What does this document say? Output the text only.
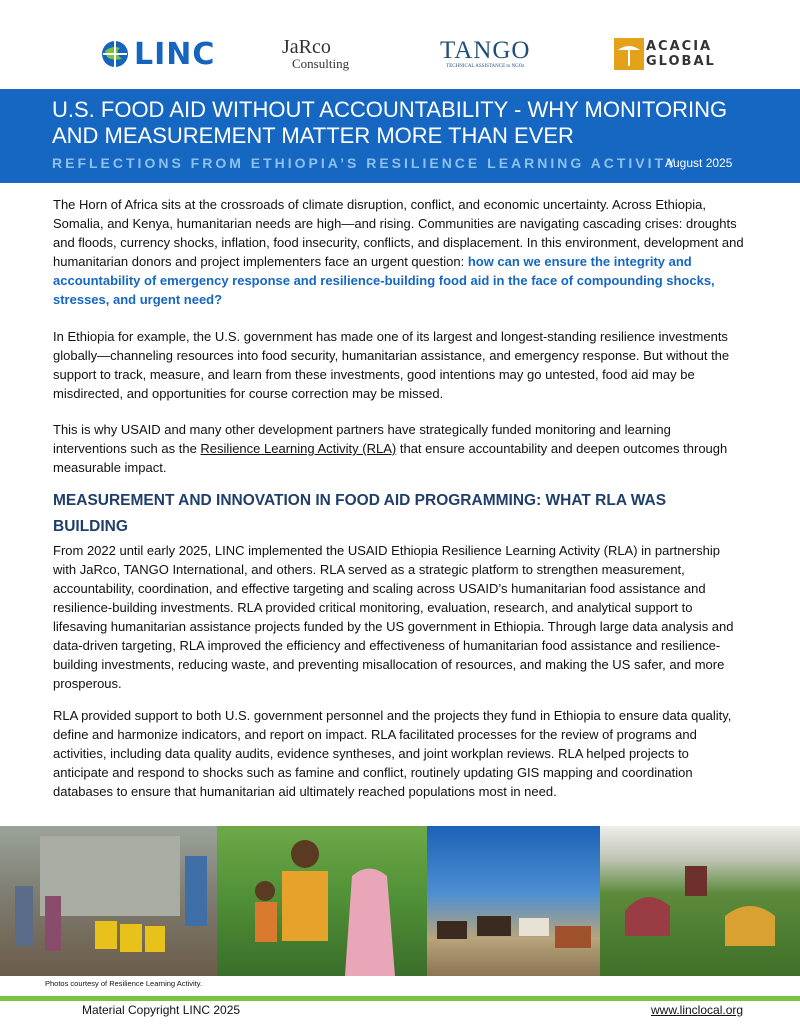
LINC	JaRco
Consulting	TANGO
TECHNICAL ASSISTANCE to NGOs
ACACIA
GLOBAL
U.S. FOOD AID WITHOUT ACCOUNTABILITY - WHY MONITORING AND MEASUREMENT MATTER MORE THAN EVER
REFLECTIONS FROM ETHIOPIA’S RESILIENCE LEARNING ACTIVITY
August 2025

The Horn of Africa sits at the crossroads of climate disruption, conflict, and economic uncertainty. Across Ethiopia, Somalia, and Kenya, humanitarian needs are high—and rising. Communities are navigating cascading crises: droughts and floods, currency shocks, inflation, food insecurity, conflicts, and displacement. In this environment, development and humanitarian donors and project implementers face an urgent question: how can we ensure the integrity and accountability of emergency response and resilience-building food aid in the face of compounding shocks, stresses, and urgent need?

In Ethiopia for example, the U.S. government has made one of its largest and longest-standing resilience investments globally—channeling resources into food security, humanitarian assistance, and emergency response. But without the support to track, measure, and learn from these investments, good intentions may go untested, food aid may be misdirected, and opportunities for course correction may be missed.

This is why USAID and many other development partners have strategically funded monitoring and learning interventions such as the Resilience Learning Activity (RLA) that ensure accountability and deepen outcomes through measurable impact.

MEASUREMENT AND INNOVATION IN FOOD AID PROGRAMMING: WHAT RLA WAS BUILDING

From 2022 until early 2025, LINC implemented the USAID Ethiopia Resilience Learning Activity (RLA) in partnership with JaRco, TANGO International, and others. RLA served as a strategic platform to strengthen measurement, accountability, coordination, and effective targeting and scaling across USAID’s humanitarian food assistance and resilience-building investments. RLA provided critical monitoring, evaluation, research, and analytical support to lifesaving humanitarian assistance projects funded by the US government in Ethiopia. Through large data analysis and data-driven targeting, RLA improved the efficiency and effectiveness of humanitarian food assistance and resilience-building investments, reducing waste, and preventing misallocation of resources, and making the US safer, and more prosperous.

RLA provided support to both U.S. government personnel and the projects they fund in Ethiopia to ensure data quality, define and harmonize indicators, and report on impact. RLA facilitated processes for the review of programs and activities, including data quality audits, evidence syntheses, and joint workplan reviews. RLA helped projects to anticipate and respond to shocks such as famine and conflict, routinely updating GIS mapping and coordination databases to ensure that humanitarian aid ultimately reached populations most in need.

Photos courtesy of Resilience Learning Activity.
Material Copyright LINC 2025	www.linclocal.org
